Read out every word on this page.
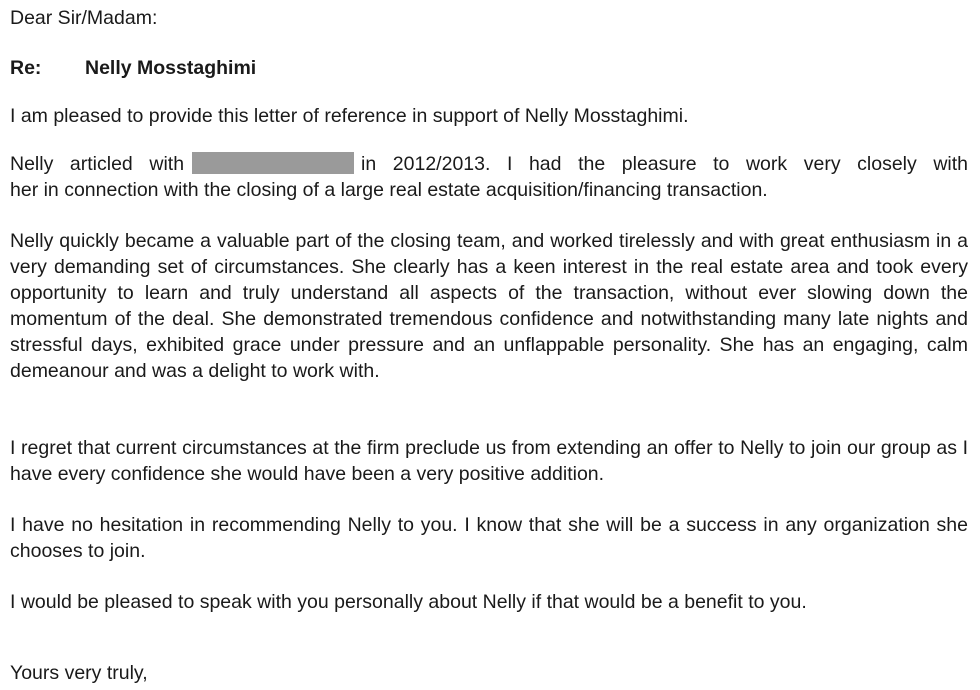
Dear Sir/Madam:
Re: Nelly Mosstaghimi

I am pleased to provide this letter of reference in support of Nelly Mosstaghimi.

Nelly articled with	in 2012/2013. I had the pleasure to work very closely with
her in connection with the closing of a large real estate acquisition/financing transaction.

Nelly quickly became a valuable part of the closing team, and worked tirelessly and with great enthusiasm in a very demanding set of circumstances. She clearly has a keen interest in the real estate area and took every opportunity to learn and truly understand all aspects of the transaction, without ever slowing down the momentum of the deal. She demonstrated tremendous confidence and notwithstanding many late nights and stressful days, exhibited grace under pressure and an unflappable personality. She has an engaging, calm demeanour and was a delight to work with.

I regret that current circumstances at the firm preclude us from extending an offer to Nelly to join our group as I have every confidence she would have been a very positive addition.

I have no hesitation in recommending Nelly to you. I know that she will be a success in any organization she chooses to join.

I would be pleased to speak with you personally about Nelly if that would be a benefit to you.

Yours very truly,
